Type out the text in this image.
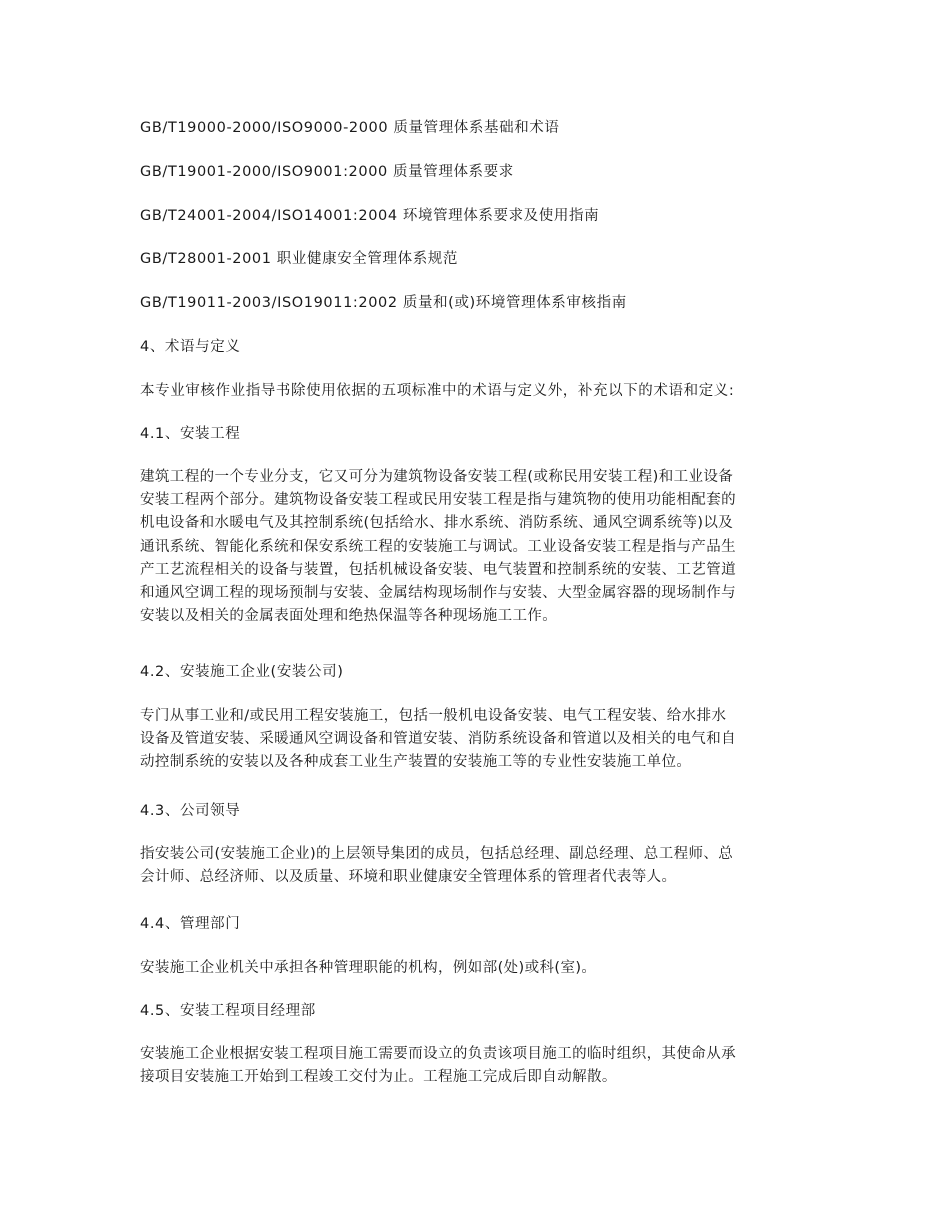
GB/T19000-2000/ISO9000-2000 质量管理体系基础和术语
GB/T19001-2000/ISO9001:2000 质量管理体系要求
GB/T24001-2004/ISO14001:2004 环境管理体系要求及使用指南
GB/T28001-2001 职业健康安全管理体系规范
GB/T19011-2003/ISO19011:2002 质量和(或)环境管理体系审核指南
4、术语与定义
本专业审核作业指导书除使用依据的五项标准中的术语与定义外，补充以下的术语和定义:
4.1、安装工程
建筑工程的一个专业分支，它又可分为建筑物设备安装工程(或称民用安装工程)和工业设备
安装工程两个部分。建筑物设备安装工程或民用安装工程是指与建筑物的使用功能相配套的
机电设备和水暖电气及其控制系统(包括给水、排水系统、消防系统、通风空调系统等)以及
通讯系统、智能化系统和保安系统工程的安装施工与调试。工业设备安装工程是指与产品生
产工艺流程相关的设备与装置，包括机械设备安装、电气装置和控制系统的安装、工艺管道
和通风空调工程的现场预制与安装、金属结构现场制作与安装、大型金属容器的现场制作与
安装以及相关的金属表面处理和绝热保温等各种现场施工工作。
4.2、安装施工企业(安装公司)
专门从事工业和/或民用工程安装施工，包括一般机电设备安装、电气工程安装、给水排水
设备及管道安装、采暖通风空调设备和管道安装、消防系统设备和管道以及相关的电气和自
动控制系统的安装以及各种成套工业生产装置的安装施工等的专业性安装施工单位。
4.3、公司领导
指安装公司(安装施工企业)的上层领导集团的成员，包括总经理、副总经理、总工程师、总
会计师、总经济师、以及质量、环境和职业健康安全管理体系的管理者代表等人。
4.4、管理部门
安装施工企业机关中承担各种管理职能的机构，例如部(处)或科(室)。
4.5、安装工程项目经理部
安装施工企业根据安装工程项目施工需要而设立的负责该项目施工的临时组织，其使命从承
接项目安装施工开始到工程竣工交付为止。工程施工完成后即自动解散。
